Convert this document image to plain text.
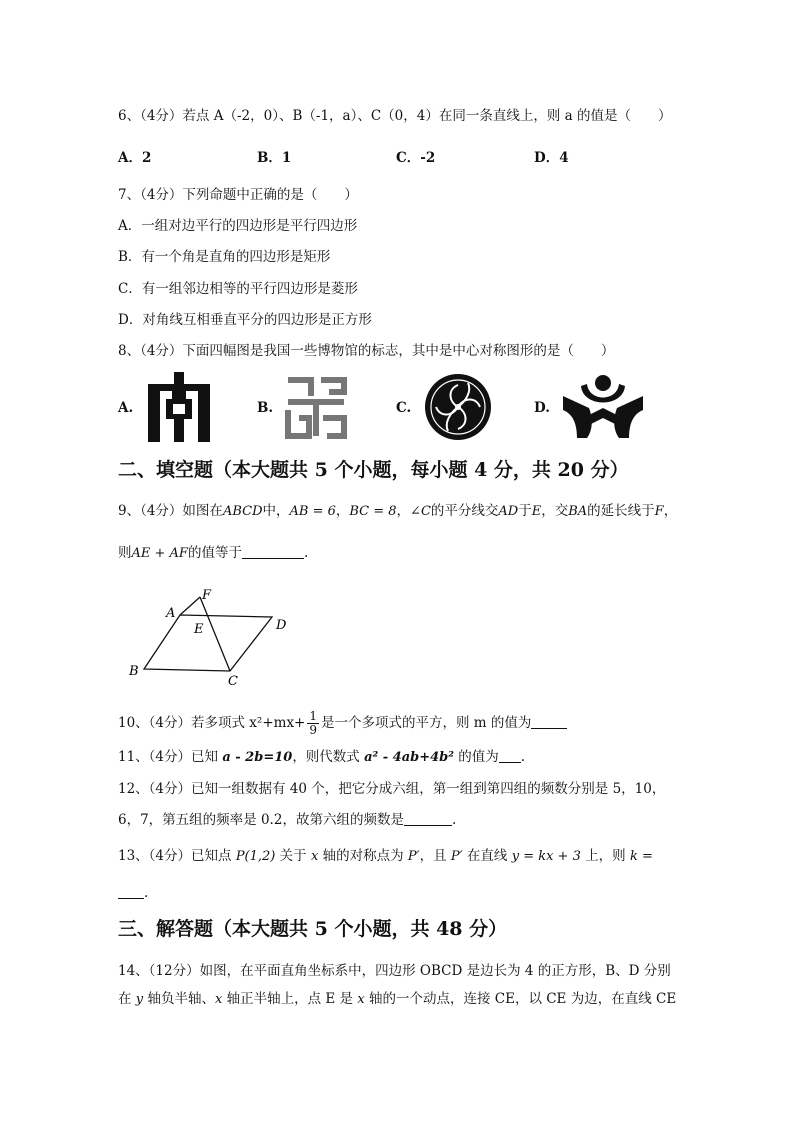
6、（4分）若点 A（-2，0）、B（-1，a）、C（0，4）在同一条直线上，则 a 的值是（　　）
A．2	B．1	C．-2	D．4
7、（4分）下列命题中正确的是（　　）
A．一组对边平行的四边形是平行四边形
B．有一个角是直角的四边形是矩形
C．有一组邻边相等的平行四边形是菱形
D．对角线互相垂直平分的四边形是正方形
8、（4分）下面四幅图是我国一些博物馆的标志，其中是中心对称图形的是（　　）
A.	B.	C.	D.
二、填空题（本大题共 5 个小题，每小题 4 分，共 20 分）
9、（4分）如图在ABCD中，AB = 6，BC = 8，∠C的平分线交AD于E，交BA的延长线于F，
则AE + AF的值等于	.
A
F
E	D
B
C
10、（4分）若多项式 $x^2+mx+ \frac{1}{9}$ 是一个多项式的平方，则 m 的值为
11、（4分）已知 a - 2b=10，则代数式 a² - 4ab+4b² 的值为 .
12、（4分）已知一组数据有 40 个，把它分成六组，第一组到第四组的频数分别是 5，10，
6，7，第五组的频率是 0.2，故第六组的频数是	.
13、（4分）已知点 P(1,2) 关于 x 轴的对称点为 P′，且 P′ 在直线 y = kx + 3 上，则 k =
.
三、解答题（本大题共 5 个小题，共 48 分）
14、（12分）如图，在平面直角坐标系中，四边形 OBCD 是边长为 4 的正方形，B、D 分别
在 y 轴负半轴、x 轴正半轴上，点 E 是 x 轴的一个动点，连接 CE，以 CE 为边，在直线 CE
